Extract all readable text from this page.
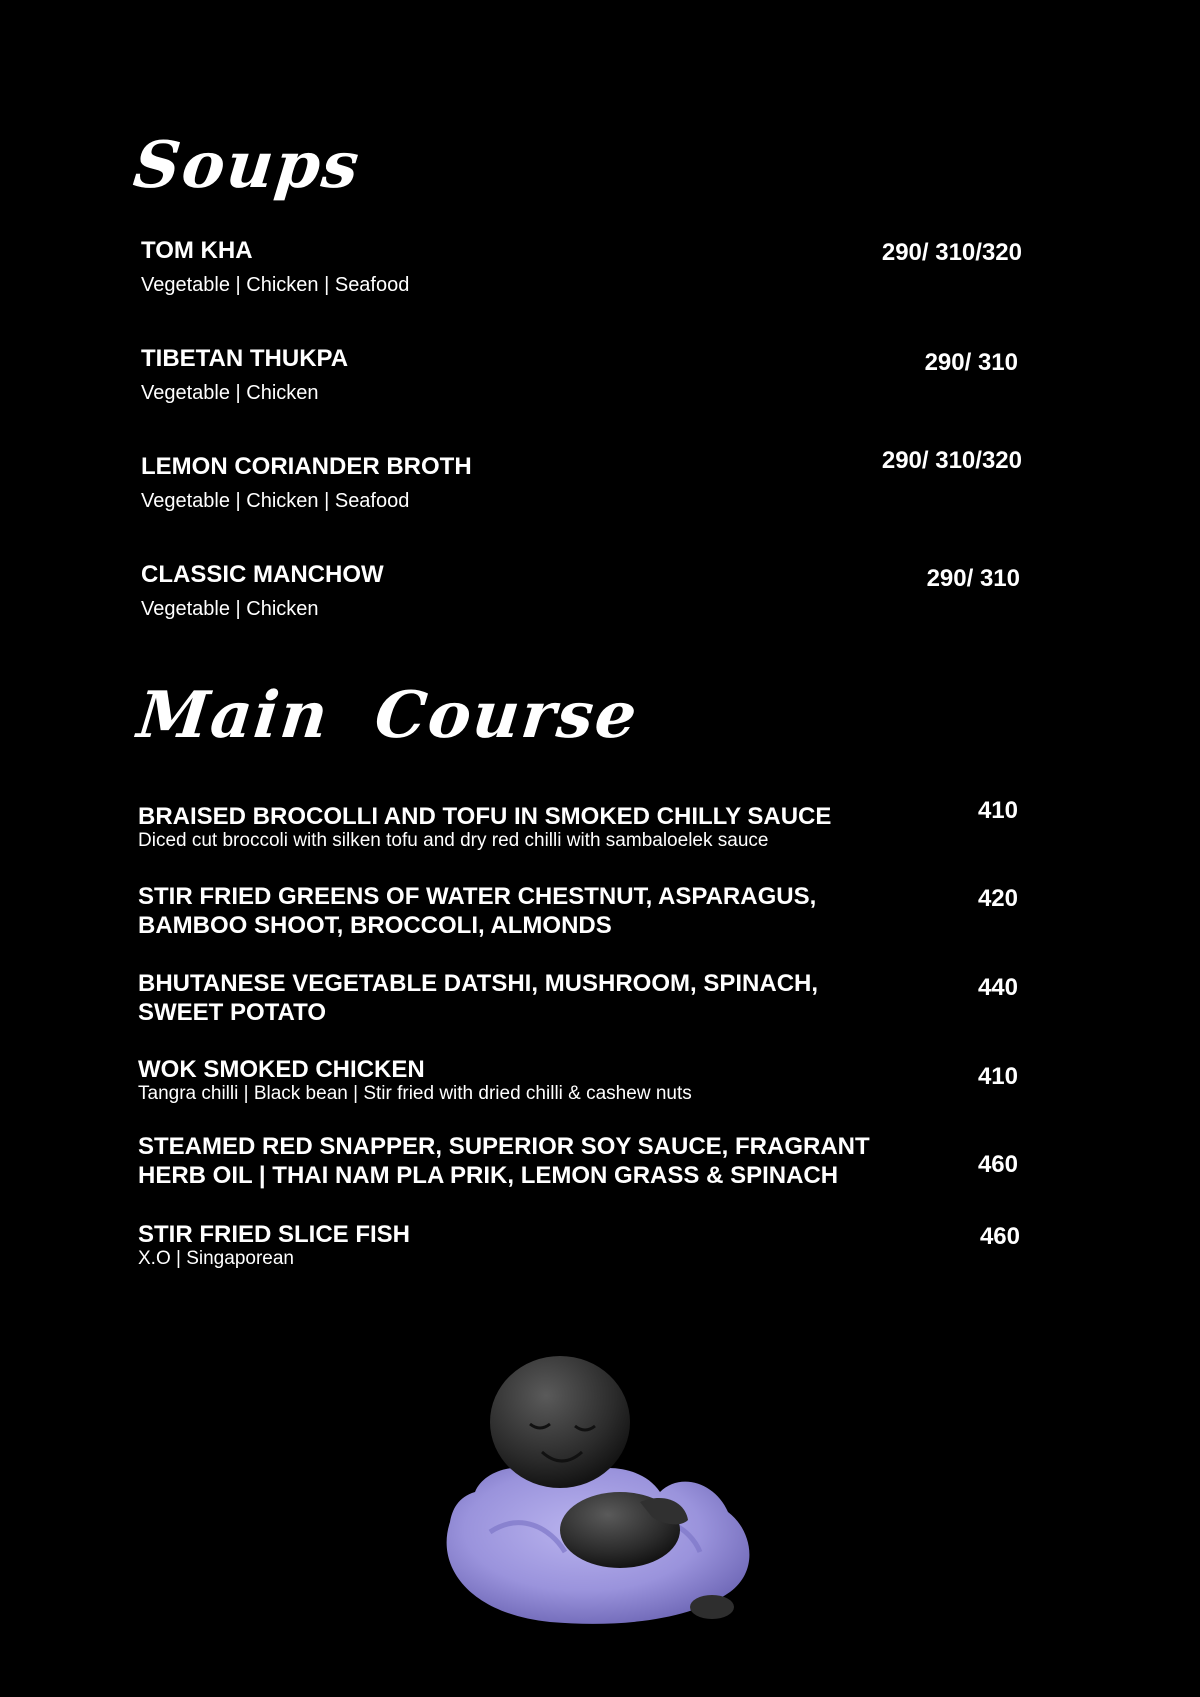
Soups
TOM KHA
Vegetable | Chicken | Seafood
290/ 310/320
TIBETAN THUKPA
Vegetable | Chicken
290/ 310
LEMON CORIANDER BROTH
Vegetable | Chicken | Seafood
290/ 310/320
CLASSIC MANCHOW
Vegetable | Chicken
290/ 310
Main Course
BRAISED BROCOLLI AND TOFU IN SMOKED CHILLY SAUCE
Diced cut broccoli with silken tofu and dry red chilli with sambaloelek sauce
410
STIR FRIED GREENS OF WATER CHESTNUT, ASPARAGUS,
BAMBOO SHOOT, BROCCOLI, ALMONDS
420
BHUTANESE VEGETABLE DATSHI, MUSHROOM, SPINACH,
SWEET POTATO
440
WOK SMOKED CHICKEN
Tangra chilli | Black bean | Stir fried with dried chilli & cashew nuts
410
STEAMED RED SNAPPER, SUPERIOR SOY SAUCE, FRAGRANT
HERB OIL | THAI NAM PLA PRIK, LEMON GRASS & SPINACH	460
STIR FRIED SLICE FISH
X.O | Singaporean
460
